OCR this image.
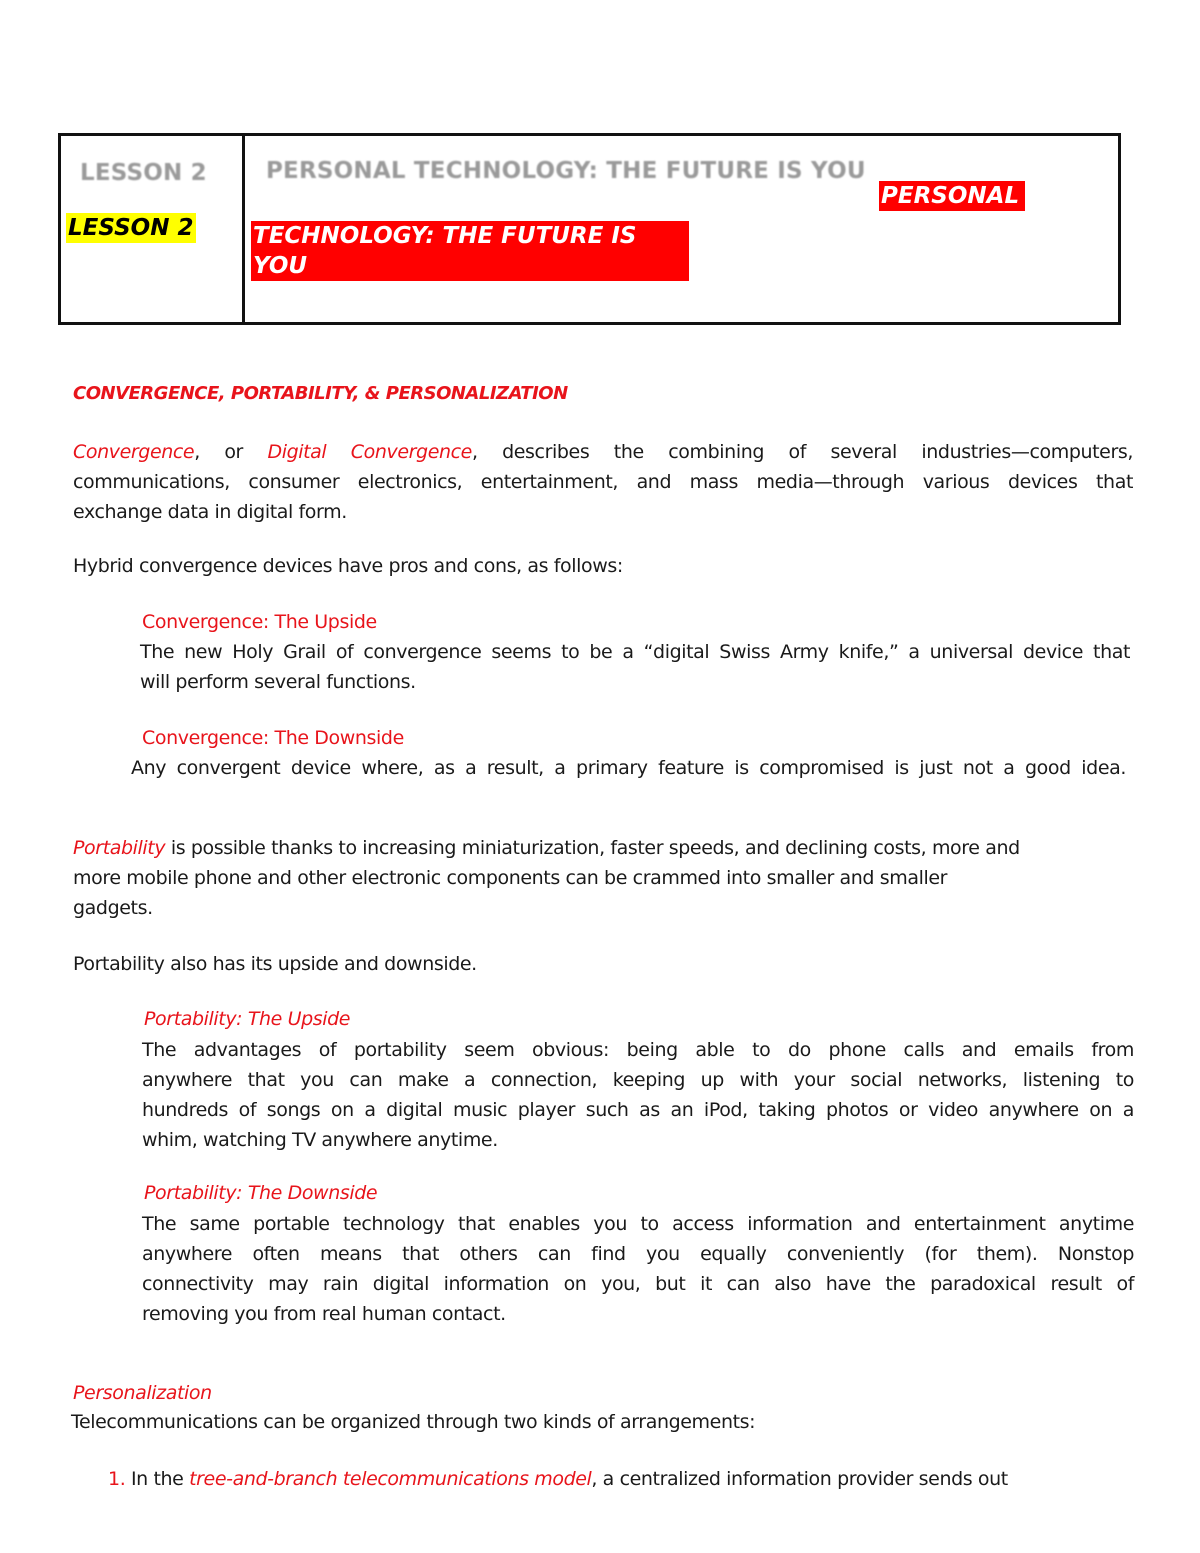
LESSON 2	PERSONAL TECHNOLOGY: THE FUTURE IS YOU
LESSON 2
PERSONAL
TECHNOLOGY: THE FUTURE IS YOU
CONVERGENCE, PORTABILITY, & PERSONALIZATION
Convergence, or Digital Convergence, describes the combining of several industries—computers,
communications, consumer electronics, entertainment, and mass media—through various devices that
exchange data in digital form.
Hybrid convergence devices have pros and cons, as follows:
Convergence: The Upside
The new Holy Grail of convergence seems to be a “digital Swiss Army knife,” a universal device that
will perform several functions.
Convergence: The Downside
Any convergent device where, as a result, a primary feature is compromised is just not a good idea.
Portability is possible thanks to increasing miniaturization, faster speeds, and declining costs, more and
more mobile phone and other electronic components can be crammed into smaller and smaller
gadgets.
Portability also has its upside and downside.
Portability: The Upside
The advantages of portability seem obvious: being able to do phone calls and emails from
anywhere that you can make a connection, keeping up with your social networks, listening to
hundreds of songs on a digital music player such as an iPod, taking photos or video anywhere on a
whim, watching TV anywhere anytime.
Portability: The Downside
The same portable technology that enables you to access information and entertainment anytime
anywhere often means that others can find you equally conveniently (for them). Nonstop
connectivity may rain digital information on you, but it can also have the paradoxical result of
removing you from real human contact.
Personalization
Telecommunications can be organized through two kinds of arrangements:
1. In the tree-and-branch telecommunications model, a centralized information provider sends out
